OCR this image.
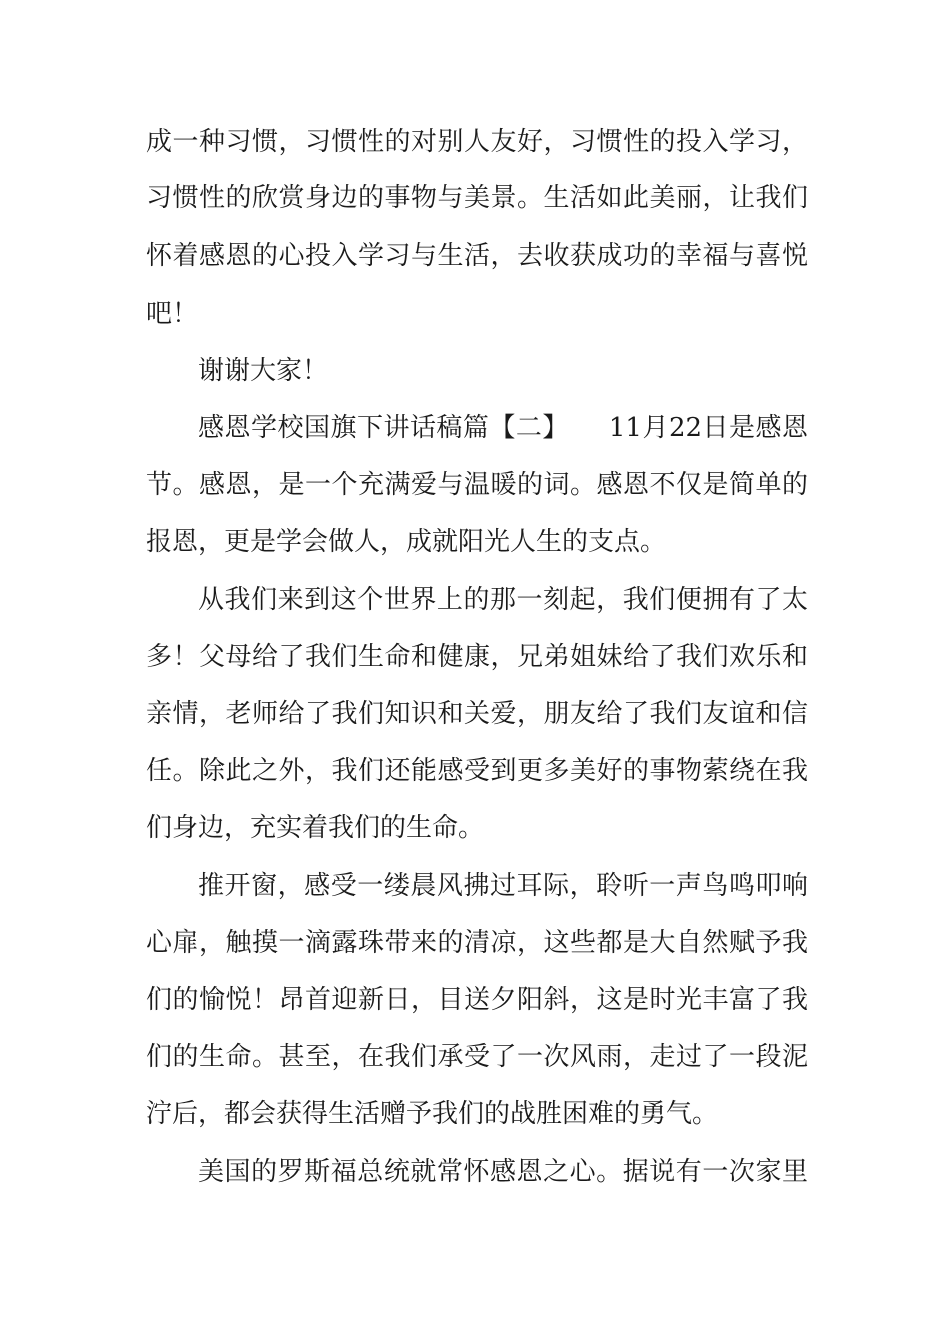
成一种习惯，习惯性的对别人友好，习惯性的投入学习，

习惯性的欣赏身边的事物与美景。生活如此美丽，让我们

怀着感恩的心投入学习与生活，去收获成功的幸福与喜悦

吧！

谢谢大家！

感恩学校国旗下讲话稿篇【二】　　11月22日是感恩

节。感恩，是一个充满爱与温暖的词。感恩不仅是简单的

报恩，更是学会做人，成就阳光人生的支点。

从我们来到这个世界上的那一刻起，我们便拥有了太

多！父母给了我们生命和健康，兄弟姐妹给了我们欢乐和

亲情，老师给了我们知识和关爱，朋友给了我们友谊和信

任。除此之外，我们还能感受到更多美好的事物萦绕在我

们身边，充实着我们的生命。

推开窗，感受一缕晨风拂过耳际，聆听一声鸟鸣叩响

心扉，触摸一滴露珠带来的清凉，这些都是大自然赋予我

们的愉悦！昂首迎新日，目送夕阳斜，这是时光丰富了我

们的生命。甚至，在我们承受了一次风雨，走过了一段泥

泞后，都会获得生活赠予我们的战胜困难的勇气。

美国的罗斯福总统就常怀感恩之心。据说有一次家里
